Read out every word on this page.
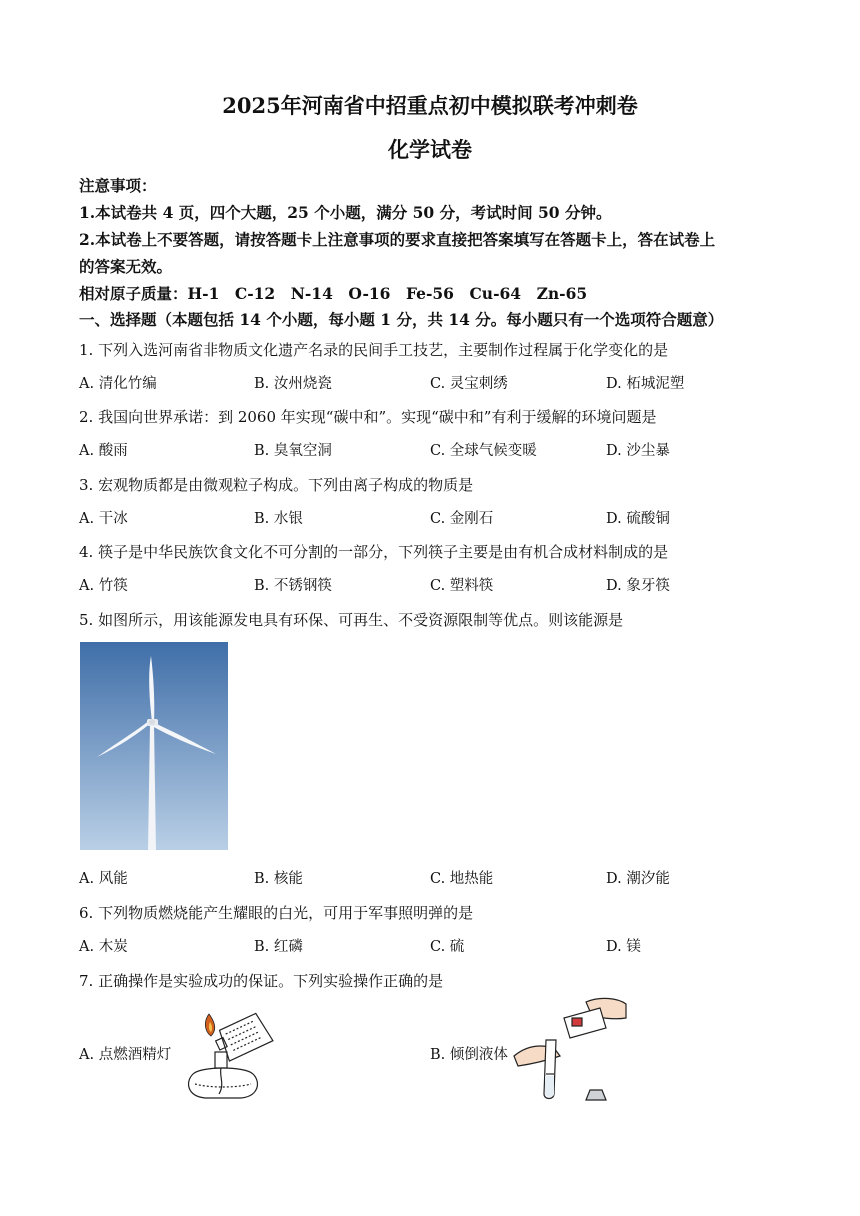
2025年河南省中招重点初中模拟联考冲刺卷
化学试卷
注意事项：
1.本试卷共 4 页，四个大题，25 个小题，满分 50 分，考试时间 50 分钟。
2.本试卷上不要答题，请按答题卡上注意事项的要求直接把答案填写在答题卡上，答在试卷上
的答案无效。
相对原子质量：H-1　C-12　N-14　O-16　Fe-56　Cu-64　Zn-65
一、选择题（本题包括 14 个小题，每小题 1 分，共 14 分。每小题只有一个选项符合题意）
1. 下列入选河南省非物质文化遗产名录的民间手工技艺，主要制作过程属于化学变化的是
A. 清化竹编	B. 汝州烧瓷	C. 灵宝刺绣	D. 柘城泥塑
2. 我国向世界承诺：到 2060 年实现“碳中和”。实现“碳中和”有利于缓解的环境问题是
A. 酸雨	B. 臭氧空洞	C. 全球气候变暖	D. 沙尘暴
3. 宏观物质都是由微观粒子构成。下列由离子构成的物质是
A. 干冰	B. 水银	C. 金刚石	D. 硫酸铜
4. 筷子是中华民族饮食文化不可分割的一部分，下列筷子主要是由有机合成材料制成的是
A. 竹筷	B. 不锈钢筷	C. 塑料筷	D. 象牙筷
5. 如图所示，用该能源发电具有环保、可再生、不受资源限制等优点。则该能源是
A. 风能	B. 核能	C. 地热能	D. 潮汐能
6. 下列物质燃烧能产生耀眼的白光，可用于军事照明弹的是
A. 木炭	B. 红磷	C. 硫	D. 镁
7. 正确操作是实验成功的保证。下列实验操作正确的是
A. 点燃酒精灯	B. 倾倒液体
